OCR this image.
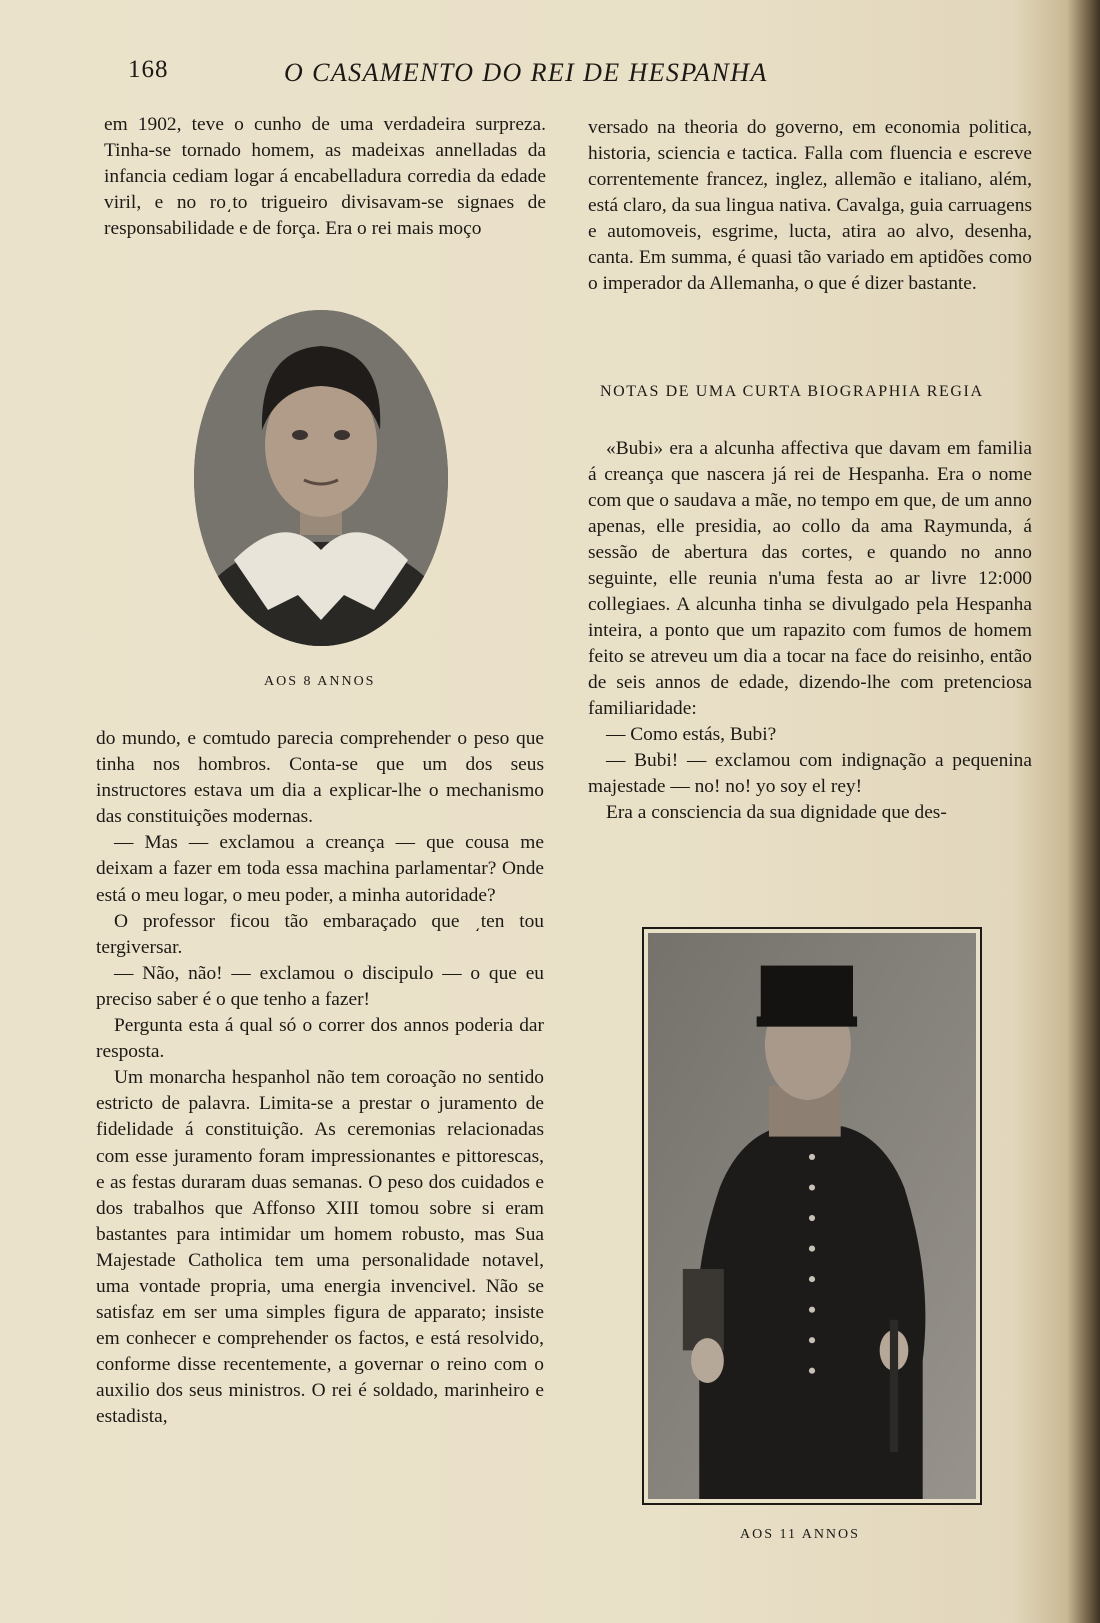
168	O CASAMENTO DO REI DE HESPANHA

em 1902, teve o cunho de uma verdadeira surpreza. Tinha-se tornado homem, as madeixas annelladas da infancia cediam logar á encabelladura corredia da edade viril, e no ro͵to trigueiro divisavam-se signaes de responsabilidade e de força. Era o rei mais moço

AOS 8 ANNOS

do mundo, e comtudo parecia comprehender o peso que tinha nos hombros. Conta-se que um dos seus instructores estava um dia a explicar-lhe o mechanismo das constituições modernas.

— Mas — exclamou a creança — que cousa me deixam a fazer em toda essa machina parlamentar? Onde está o meu logar, o meu poder, a minha autoridade?

O professor ficou tão embaraçado que ͵ten tou tergiversar.

— Não, não! — exclamou o discipulo — o que eu preciso saber é o que tenho a fazer!

Pergunta esta á qual só o correr dos annos poderia dar resposta.

Um monarcha hespanhol não tem coroação no sentido estricto de palavra. Limita-se a prestar o juramento de fidelidade á constituição. As ceremonias relacionadas com esse juramento foram impressionantes e pittorescas, e as festas duraram duas semanas. O peso dos cuidados e dos trabalhos que Affonso XIII tomou sobre si eram bastantes para intimidar um homem robusto, mas Sua Majestade Catholica tem uma personalidade notavel, uma vontade propria, uma energia invencivel. Não se satisfaz em ser uma simples figura de apparato; insiste em conhecer e comprehender os factos, e está resolvido, conforme disse recentemente, a governar o reino com o auxilio dos seus ministros. O rei é soldado, marinheiro e estadista,

versado na theoria do governo, em economia politica, historia, sciencia e tactica. Falla com fluencia e escreve correntemente francez, inglez, allemão e italiano, além, está claro, da sua lingua nativa. Cavalga, guia carruagens e automoveis, esgrime, lucta, atira ao alvo, desenha, canta. Em summa, é quasi tão variado em aptidões como o imperador da Allemanha, o que é dizer bastante.

NOTAS DE UMA CURTA BIOGRAPHIA REGIA

«Bubi» era a alcunha affectiva que davam em familia á creança que nascera já rei de Hespanha. Era o nome com que o saudava a mãe, no tempo em que, de um anno apenas, elle presidia, ao collo da ama Raymunda, á sessão de abertura das cortes, e quando no anno seguinte, elle reunia n'uma festa ao ar livre 12:000 collegiaes. A alcunha tinha se divulgado pela Hespanha inteira, a ponto que um rapazito com fumos de homem feito se atreveu um dia a tocar na face do reisinho, então de seis annos de edade, dizendo-lhe com pretenciosa familiaridade:

— Como estás, Bubi?

— Bubi! — exclamou com indignação a pequenina majestade — no! no! yo soy el rey!

Era a consciencia da sua dignidade que des-

AOS 11 ANNOS
